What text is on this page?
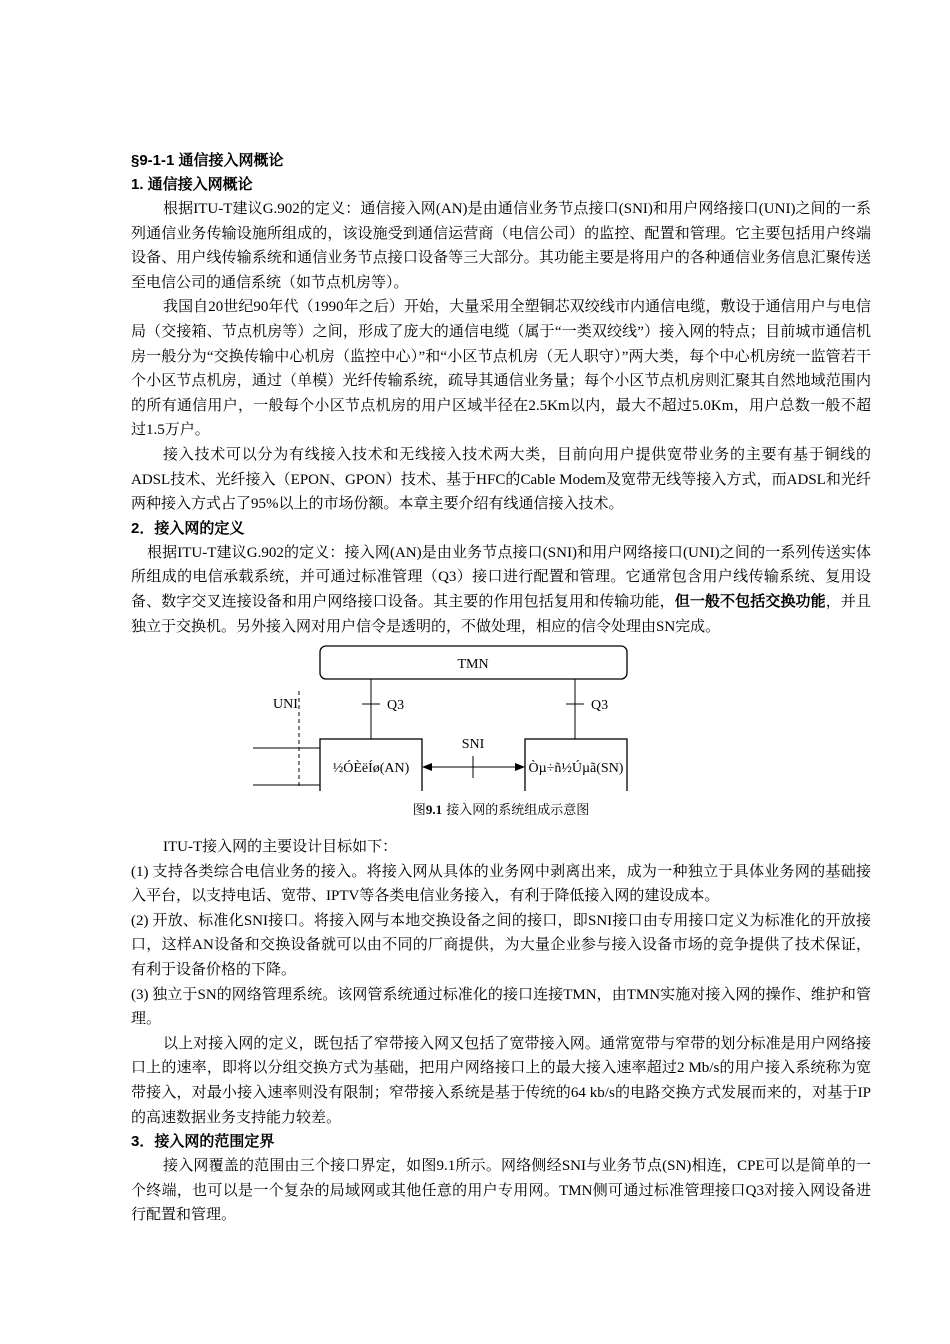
§9-1-1 通信接入网概论
1. 通信接入网概论

根据ITU-T建议G.902的定义：通信接入网(AN)是由通信业务节点接口(SNI)和用户网络接口(UNI)之间的一系列通信业务传输设施所组成的，该设施受到通信运营商（电信公司）的监控、配置和管理。它主要包括用户终端设备、用户线传输系统和通信业务节点接口设备等三大部分。其功能主要是将用户的各种通信业务信息汇聚传送至电信公司的通信系统（如节点机房等）。

我国自20世纪90年代（1990年之后）开始，大量采用全塑铜芯双绞线市内通信电缆，敷设于通信用户与电信局（交接箱、节点机房等）之间，形成了庞大的通信电缆（属于“一类双绞线”）接入网的特点；目前城市通信机房一般分为“交换传输中心机房（监控中心）”和“小区节点机房（无人职守）”两大类，每个中心机房统一监管若干个小区节点机房，通过（单模）光纤传输系统，疏导其通信业务量；每个小区节点机房则汇聚其自然地域范围内的所有通信用户，一般每个小区节点机房的用户区域半径在2.5Km以内，最大不超过5.0Km，用户总数一般不超过1.5万户。

接入技术可以分为有线接入技术和无线接入技术两大类，目前向用户提供宽带业务的主要有基于铜线的ADSL技术、光纤接入（EPON、GPON）技术、基于HFC的Cable Modem及宽带无线等接入方式，而ADSL和光纤两种接入方式占了95%以上的市场份额。本章主要介绍有线通信接入技术。

2．接入网的定义

根据ITU-T建议G.902的定义：接入网(AN)是由业务节点接口(SNI)和用户网络接口(UNI)之间的一系列传送实体所组成的电信承载系统，并可通过标准管理（Q3）接口进行配置和管理。它通常包含用户线传输系统、复用设备、数字交叉连接设备和用户网络接口设备。其主要的作用包括复用和传输功能，但一般不包括交换功能，并且独立于交换机。另外接入网对用户信令是透明的，不做处理，相应的信令处理由SN完成。

TMN
Q3	Q3
UNI
½ÓÈëÍø(AN)	Òµ÷ñ½Úµã(SN)
SNI
图9.1 接入网的系统组成示意图

ITU-T接入网的主要设计目标如下：

(1) 支持各类综合电信业务的接入。将接入网从具体的业务网中剥离出来，成为一种独立于具体业务网的基础接入平台，以支持电话、宽带、IPTV等各类电信业务接入，有利于降低接入网的建设成本。

(2) 开放、标准化SNI接口。将接入网与本地交换设备之间的接口，即SNI接口由专用接口定义为标准化的开放接口，这样AN设备和交换设备就可以由不同的厂商提供，为大量企业参与接入设备市场的竞争提供了技术保证，有利于设备价格的下降。

(3) 独立于SN的网络管理系统。该网管系统通过标准化的接口连接TMN，由TMN实施对接入网的操作、维护和管理。

以上对接入网的定义，既包括了窄带接入网又包括了宽带接入网。通常宽带与窄带的划分标准是用户网络接口上的速率，即将以分组交换方式为基础，把用户网络接口上的最大接入速率超过2 Mb/s的用户接入系统称为宽带接入，对最小接入速率则没有限制；窄带接入系统是基于传统的64 kb/s的电路交换方式发展而来的，对基于IP的高速数据业务支持能力较差。

3．接入网的范围定界

接入网覆盖的范围由三个接口界定，如图9.1所示。网络侧经SNI与业务节点(SN)相连，CPE可以是简单的一个终端，也可以是一个复杂的局域网或其他任意的用户专用网。TMN侧可通过标准管理接口Q3对接入网设备进行配置和管理。
